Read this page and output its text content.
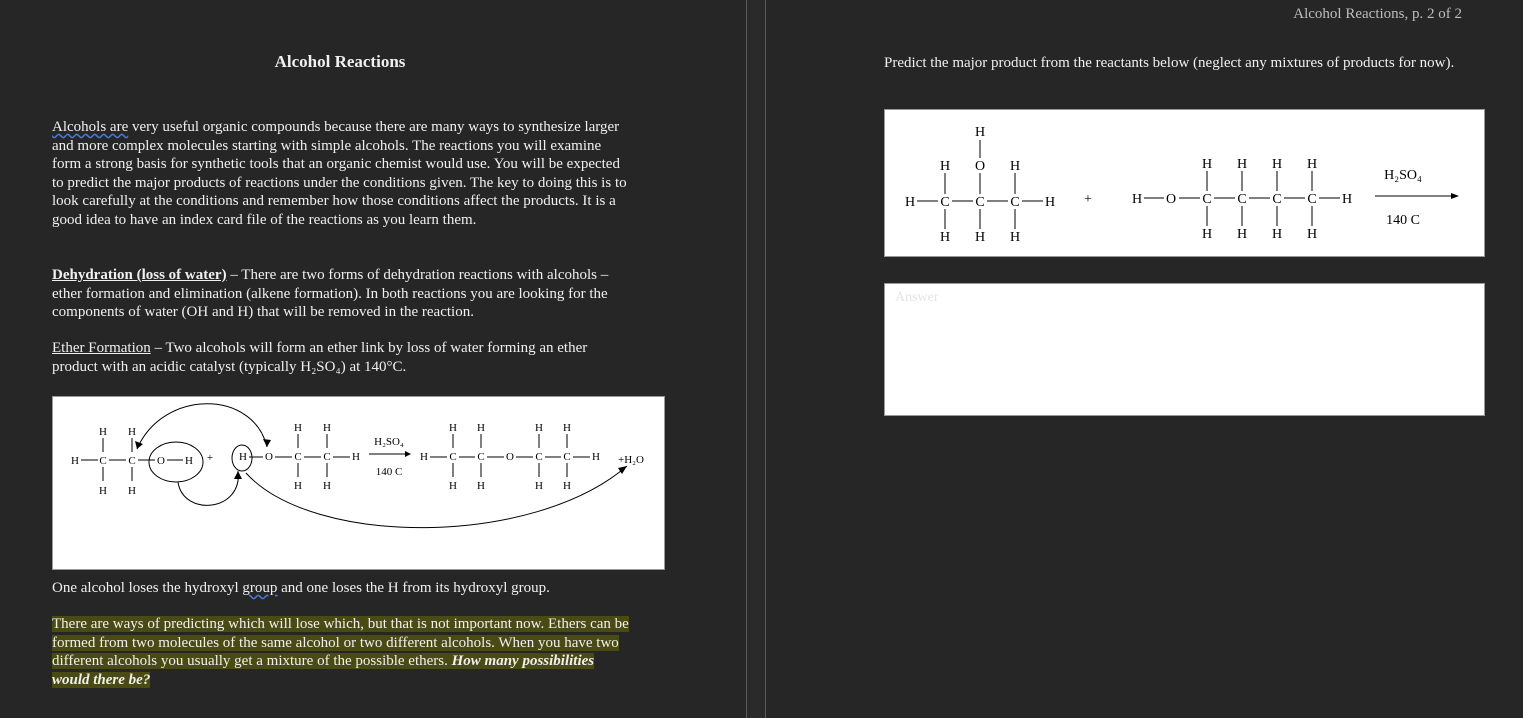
Alcohol Reactions
Alcohols are very useful organic compounds because there are many ways to synthesize larger and more complex molecules starting with simple alcohols. The reactions you will examine form a strong basis for synthetic tools that an organic chemist would use. You will be expected to predict the major products of reactions under the conditions given. The key to doing this is to look carefully at the conditions and remember how those conditions affect the products. It is a good idea to have an index card file of the reactions as you learn them.
Dehydration (loss of water) – There are two forms of dehydration reactions with alcohols – ether formation and elimination (alkene formation). In both reactions you are looking for the components of water (OH and H) that will be removed in the reaction.
Ether Formation – Two alcohols will form an ether link by loss of water forming an ether product with an acidic catalyst (typically H₂SO₄) at 140°C.
H H
H C C O H
H H
+ H O
H H
C C H
H H
H H	H H
H C C O C C H
H H	H H
H₂SO₄
140 C
+H₂O
One alcohol loses the hydroxyl group and one loses the H from its hydroxyl group.
There are ways of predicting which will lose which, but that is not important now. Ethers can be formed from two molecules of the same alcohol or two different alcohols. When you have two different alcohols you usually get a mixture of the possible ethers. How many possibilities would there be?
Alcohol Reactions, p. 2 of 2
Predict the major product from the reactants below (neglect any mixtures of products for now).
H
H O H
H C C C H
H H H
H O
H H H H
C C C C H
H H H H
+
H₂SO₄
140 C
Answer
